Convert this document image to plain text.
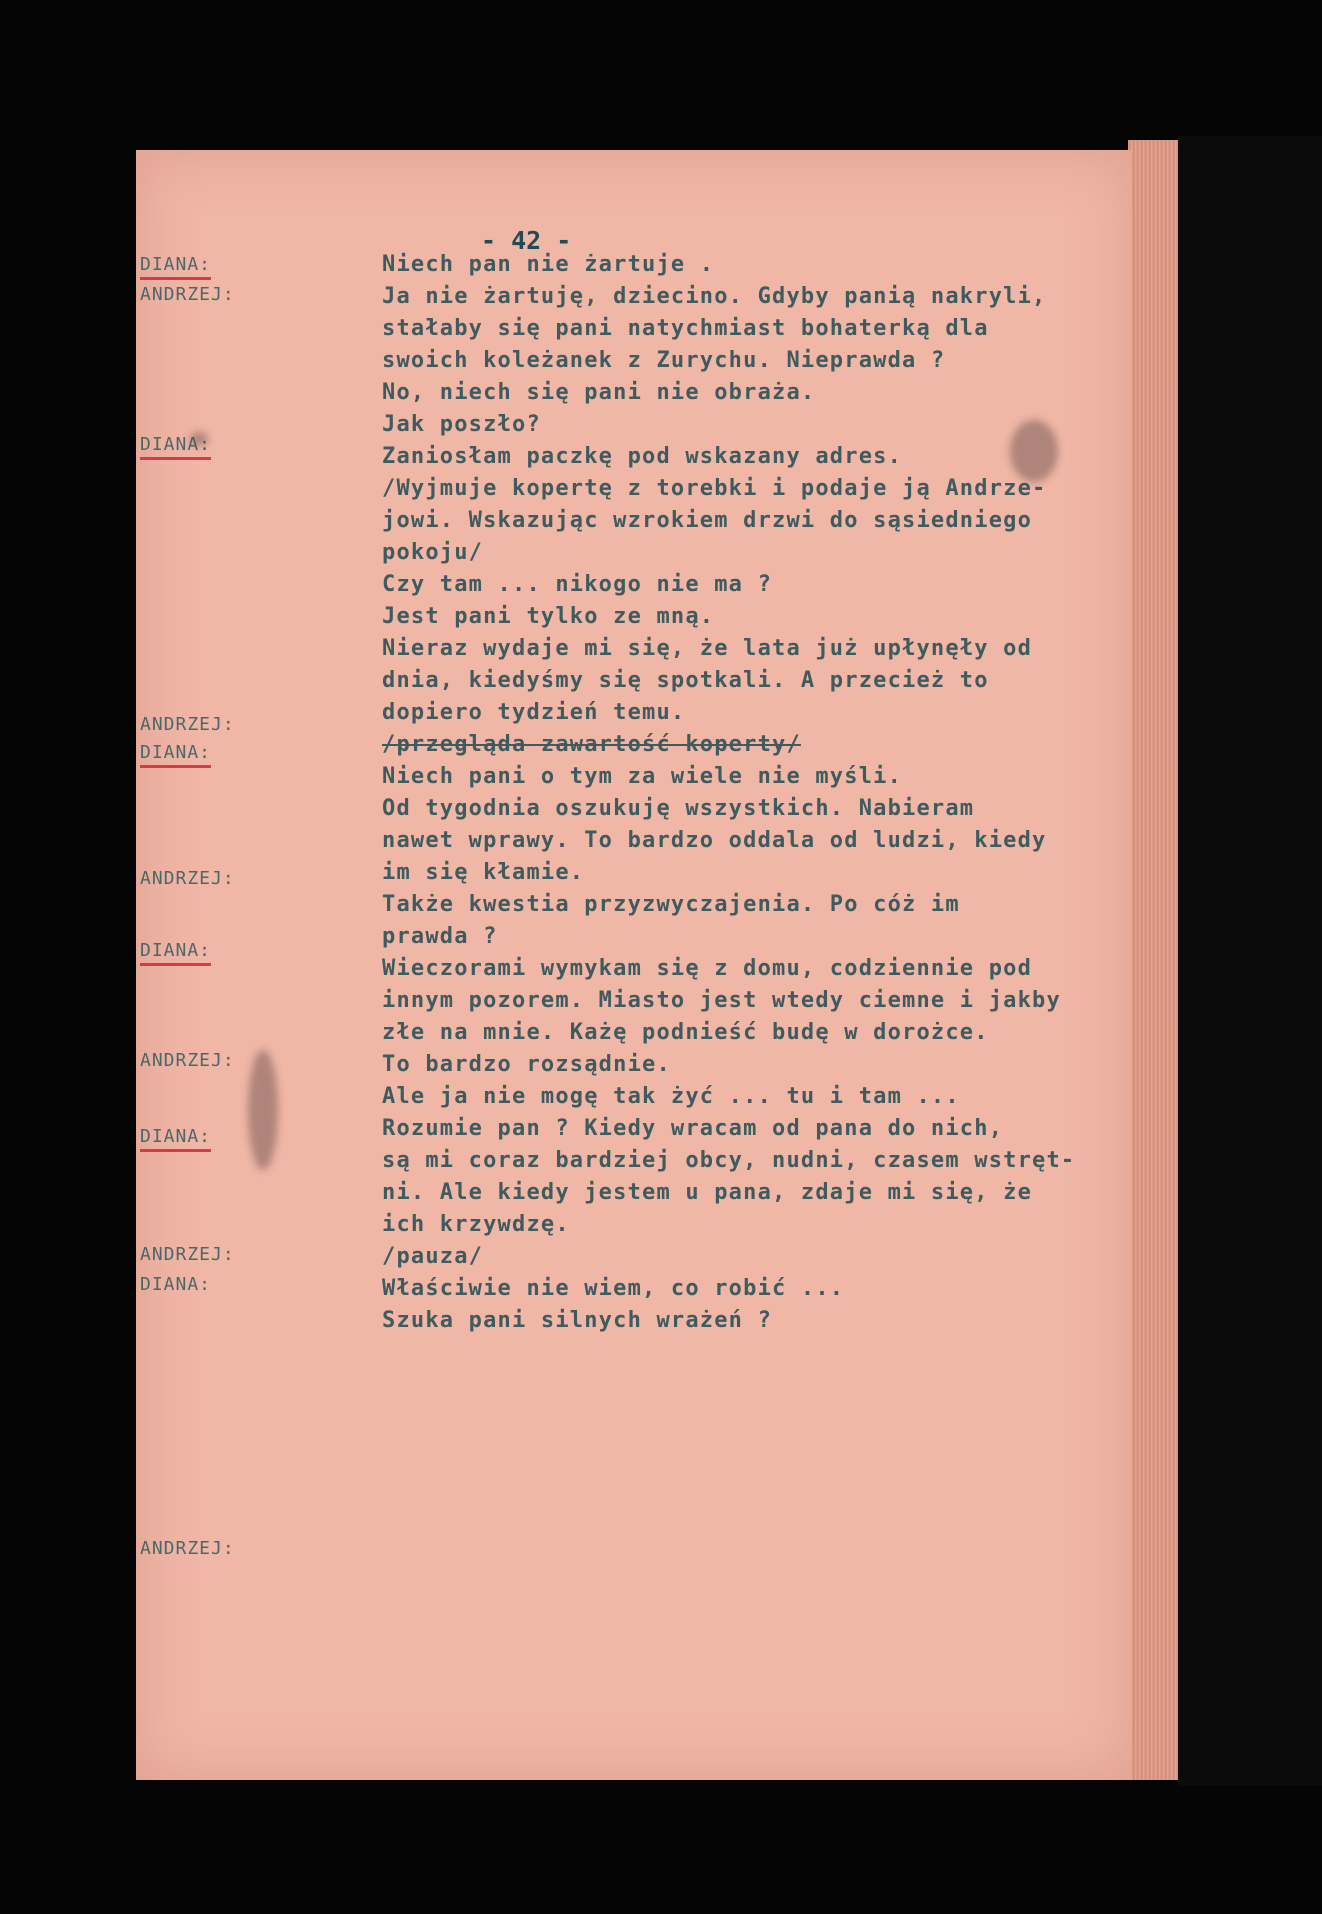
- 42 -
DIANA:
ANDRZEJ:
DIANA:
ANDRZEJ:
DIANA:
ANDRZEJ:
DIANA:
ANDRZEJ:
DIANA:
ANDRZEJ:
DIANA:
ANDRZEJ:
Niech pan nie żartuje .
Ja nie żartuję, dziecino. Gdyby panią nakryli,
stałaby się pani natychmiast bohaterką dla
swoich koleżanek z Zurychu. Nieprawda ?
No, niech się pani nie obraża.
Jak poszło?
Zaniosłam paczkę pod wskazany adres.
/Wyjmuje kopertę z torebki i podaje ją Andrze-
jowi. Wskazując wzrokiem drzwi do sąsiedniego
pokoju/
Czy tam ... nikogo nie ma ?
Jest pani tylko ze mną.
Nieraz wydaje mi się, że lata już upłynęły od
dnia, kiedyśmy się spotkali. A przecież to
dopiero tydzień temu.
/przegląda zawartość koperty/
Niech pani o tym za wiele nie myśli.
Od tygodnia oszukuję wszystkich. Nabieram
nawet wprawy. To bardzo oddala od ludzi, kiedy
im się kłamie.
Także kwestia przyzwyczajenia. Po cóż im
prawda ?
Wieczorami wymykam się z domu, codziennie pod
innym pozorem. Miasto jest wtedy ciemne i jakby
złe na mnie. Każę podnieść budę w dorożce.
To bardzo rozsądnie.
Ale ja nie mogę tak żyć ... tu i tam ...
Rozumie pan ? Kiedy wracam od pana do nich,
są mi coraz bardziej obcy, nudni, czasem wstręt-
ni. Ale kiedy jestem u pana, zdaje mi się, że
ich krzywdzę.
/pauza/
Właściwie nie wiem, co robić ...
Szuka pani silnych wrażeń ?
